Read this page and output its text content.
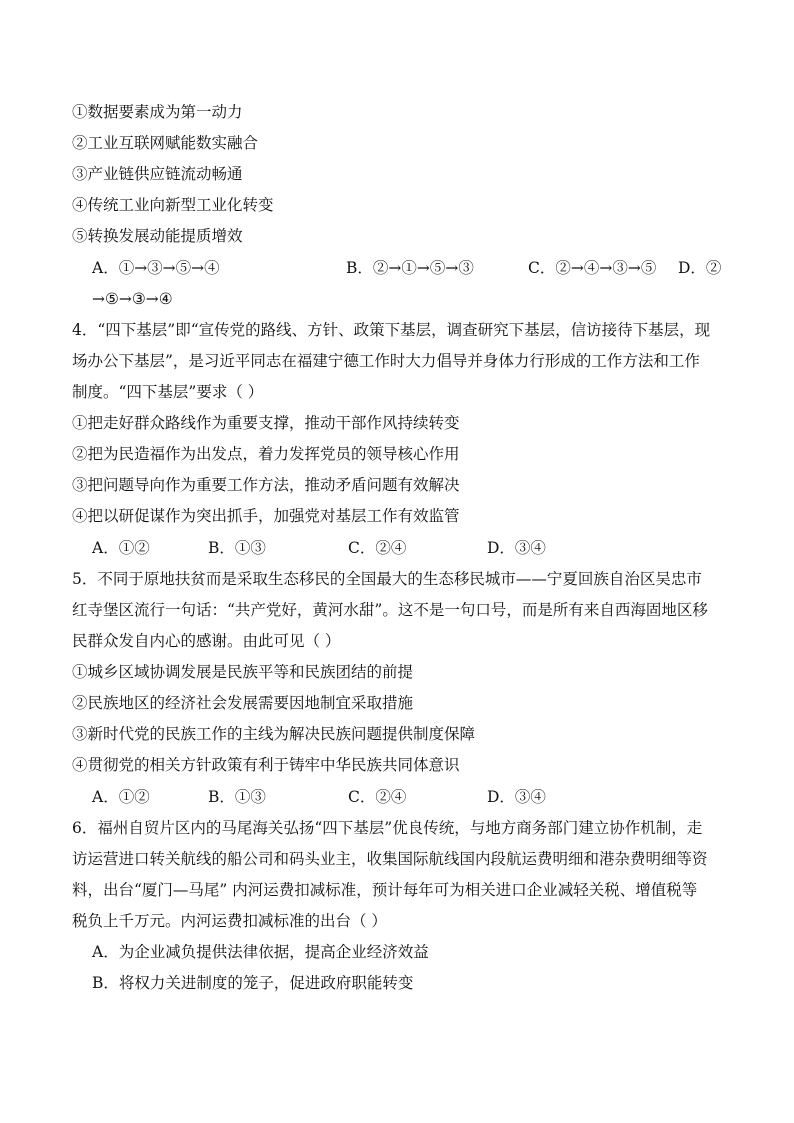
①数据要素成为第一动力
②工业互联网赋能数实融合
③产业链供应链流动畅通
④传统工业向新型工业化转变
⑤转换发展动能提质增效
A．①→③→⑤→④	B．②→①→⑤→③	C．②→④→③→⑤ D．②
→⑤→③→④
4．“四下基层”即“宣传党的路线、方针、政策下基层，调查研究下基层，信访接待下基层，现
场办公下基层”，是习近平同志在福建宁德工作时大力倡导并身体力行形成的工作方法和工作
制度。“四下基层”要求（ ）
①把走好群众路线作为重要支撑，推动干部作风持续转变
②把为民造福作为出发点，着力发挥党员的领导核心作用
③把问题导向作为重要工作方法，推动矛盾问题有效解决
④把以研促谋作为突出抓手，加强党对基层工作有效监管
A．①②	B．①③	C．②④	D．③④
5．不同于原地扶贫而是采取生态移民的全国最大的生态移民城市——宁夏回族自治区吴忠市
红寺堡区流行一句话：“共产党好，黄河水甜”。这不是一句口号，而是所有来自西海固地区移
民群众发自内心的感谢。由此可见（ ）
①城乡区域协调发展是民族平等和民族团结的前提
②民族地区的经济社会发展需要因地制宜采取措施
③新时代党的民族工作的主线为解决民族问题提供制度保障
④贯彻党的相关方针政策有利于铸牢中华民族共同体意识
A．①②	B．①③	C．②④	D．③④
6．福州自贸片区内的马尾海关弘扬“四下基层”优良传统，与地方商务部门建立协作机制，走
访运营进口转关航线的船公司和码头业主，收集国际航线国内段航运费明细和港杂费明细等资
料，出台“厦门—马尾” 内河运费扣减标准，预计每年可为相关进口企业减轻关税、增值税等
税负上千万元。内河运费扣减标准的出台（ ）
A．为企业减负提供法律依据，提高企业经济效益
B．将权力关进制度的笼子，促进政府职能转变
